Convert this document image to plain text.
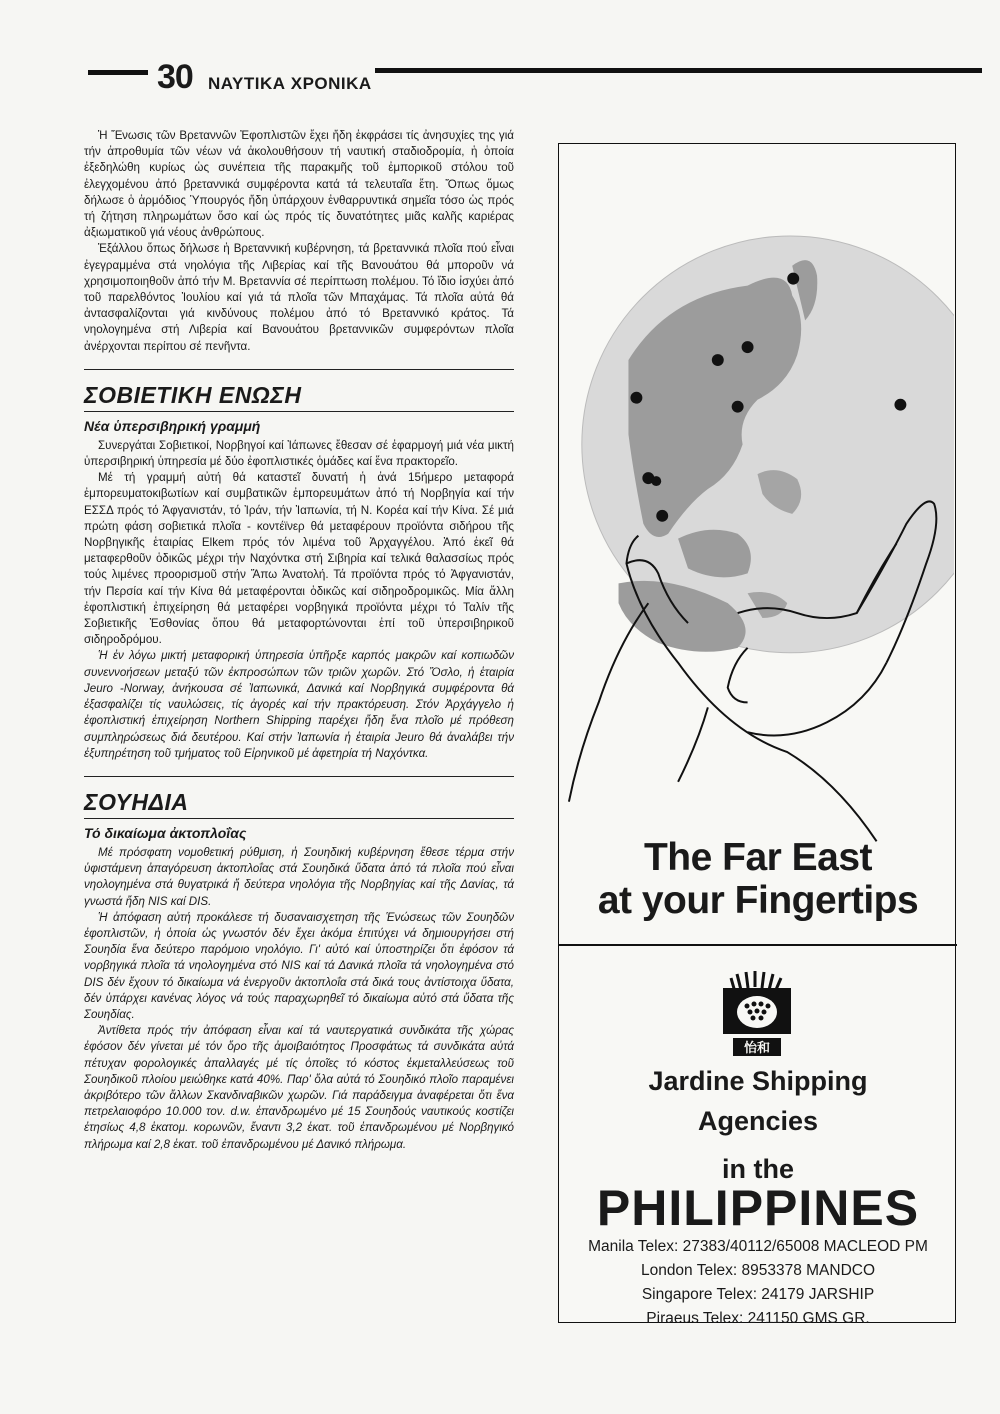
30 ΝΑΥΤΙΚΑ ΧΡΟΝΙΚΑ

Ἡ Ἕνωσις τῶν Βρεταννῶν Ἐφοπλιστῶν ἔχει ἤδη ἐκφράσει τίς ἀνησυχίες της γιά τήν ἀπροθυμία τῶν νέων νά ἀκολουθήσουν τή ναυτική σταδιοδρομία, ἡ ὁποία ἐξεδηλώθη κυρίως ὡς συνέπεια τῆς παρακμῆς τοῦ ἐμπορικοῦ στόλου τοῦ ἐλεγχομένου ἀπό βρεταννικά συμφέροντα κατά τά τελευταῖα ἔτη. Ὅπως ὅμως δήλωσε ὁ ἁρμόδιος Ὑπουργός ἤδη ὑπάρχουν ἐνθαρρυντικά σημεῖα τόσο ὡς πρός τή ζήτηση πληρωμάτων ὅσο καί ὡς πρός τίς δυνατότητες μιᾶς καλῆς καριέρας ἀξιωματικοῦ γιά νέους ἀνθρώπους.

Ἐξάλλου ὅπως δήλωσε ἡ Βρεταννική κυβέρνηση, τά βρεταννικά πλοῖα πού εἶναι ἐγεγραμμένα στά νηολόγια τῆς Λιβερίας καί τῆς Βανουάτου θά μποροῦν νά χρησιμοποιηθοῦν ἀπό τήν Μ. Βρεταννία σέ περίπτωση πολέμου. Τό ἴδιο ἰσχύει ἀπό τοῦ παρελθόντος Ἰουλίου καί γιά τά πλοῖα τῶν Μπαχάμας. Τά πλοῖα αὐτά θά ἀντασφαλίζονται γιά κινδύνους πολέμου ἀπό τό Βρεταννικό κράτος. Τά νηολογημένα στή Λιβερία καί Βανουάτου βρεταννικῶν συμφερόντων πλοῖα ἀνέρχονται περίπου σέ πενῆντα.

ΣΟΒΙΕΤΙΚΗ ΕΝΩΣΗ
Νέα ὑπερσιβηρική γραμμή

Συνεργάται Σοβιετικοί, Νορβηγοί καί Ἰάπωνες ἔθεσαν σέ ἐφαρμογή μιά νέα μικτή ὑπερσιβηρική ὑπηρεσία μέ δύο ἐφοπλιστικές ὁμάδες καί ἕνα πρακτορεῖο.

Μέ τή γραμμή αὐτή θά καταστεῖ δυνατή ἡ ἀνά 15ήμερο μεταφορά ἐμπορευματοκιβωτίων καί συμβατικῶν ἐμπορευμάτων ἀπό τή Νορβηγία καί τήν ΕΣΣΔ πρός τό Ἀφγανιστάν, τό Ἰράν, τήν Ἰαπωνία, τή Ν. Κορέα καί τήν Κίνα. Σέ μιά πρώτη φάση σοβιετικά πλοῖα - κοντέϊνερ θά μεταφέρουν προϊόντα σιδήρου τῆς Νορβηγικῆς ἑταιρίας Elkem πρός τόν λιμένα τοῦ Ἀρχαγγέλου. Ἀπό ἐκεῖ θά μεταφερθοῦν ὁδικῶς μέχρι τήν Ναχόντκα στή Σιβηρία καί τελικά θαλασσίως πρός τούς λιμένες προορισμοῦ στήν Ἄπω Ἀνατολή. Τά προϊόντα πρός τό Ἀφγανιστάν, τήν Περσία καί τήν Κίνα θά μεταφέρονται ὁδικῶς καί σιδηροδρομικῶς. Μία ἄλλη ἐφοπλιστική ἐπιχείρηση θά μεταφέρει νορβηγικά προϊόντα μέχρι τό Ταλίν τῆς Σοβιετικῆς Ἐσθονίας ὅπου θά μεταφορτώνονται ἐπί τοῦ ὑπερσιβηρικοῦ σιδηροδρόμου.

Ἡ ἐν λόγω μικτή μεταφορική ὑπηρεσία ὑπῆρξε καρπός μακρῶν καί κοπιωδῶν συνεννοήσεων μεταξύ τῶν ἐκπροσώπων τῶν τριῶν χωρῶν. Στό Ὄσλο, ἡ ἑταιρία Jeuro -Norway, ἀνήκουσα σέ Ἰαπωνικά, Δανικά καί Νορβηγικά συμφέροντα θά ἐξασφαλίζει τίς ναυλώσεις, τίς ἀγορές καί τήν πρακτόρευση. Στόν Ἀρχάγγελο ἡ ἐφοπλιστική ἐπιχείρηση Northern Shipping παρέχει ἤδη ἕνα πλοῖο μέ πρόθεση συμπληρώσεως διά δευτέρου. Καί στήν Ἰαπωνία ἡ ἑταιρία Jeuro θά ἀναλάβει τήν ἐξυπηρέτηση τοῦ τμήματος τοῦ Εἰρηνικοῦ μέ ἀφετηρία τή Ναχόντκα.

ΣΟΥΗΔΙΑ
Τό δικαίωμα ἀκτοπλοΐας

Μέ πρόσφατη νομοθετική ρύθμιση, ἡ Σουηδική κυβέρνηση ἔθεσε τέρμα στήν ὑφιστάμενη ἀπαγόρευση ἀκτοπλοΐας στά Σουηδικά ὕδατα ἀπό τά πλοῖα πού εἶναι νηολογημένα στά θυγατρικά ἤ δεύτερα νηολόγια τῆς Νορβηγίας καί τῆς Δανίας, τά γνωστά ἤδη NIS καί DIS.

Ἡ ἀπόφαση αὐτή προκάλεσε τή δυσαναισχετηση τῆς Ἑνώσεως τῶν Σουηδῶν ἐφοπλιστῶν, ἡ ὁποία ὡς γνωστόν δέν ἔχει ἀκόμα ἐπιτύχει νά δημιουργήσει στή Σουηδία ἕνα δεύτερο παρόμοιο νηολόγιο. Γι' αὐτό καί ὑποστηρίζει ὅτι ἐφόσον τά νορβηγικά πλοῖα τά νηολογημένα στό NIS καί τά Δανικά πλοῖα τά νηολογημένα στό DIS δέν ἔχουν τό δικαίωμα νά ἐνεργοῦν ἀκτοπλοΐα στά δικά τους ἀντίστοιχα ὕδατα, δέν ὑπάρχει κανένας λόγος νά τούς παραχωρηθεῖ τό δικαίωμα αὐτό στά ὕδατα τῆς Σουηδίας.

Ἀντίθετα πρός τήν ἀπόφαση εἶναι καί τά ναυτεργατικά συνδικάτα τῆς χώρας ἐφόσον δέν γίνεται μέ τόν ὅρο τῆς ἀμοιβαιότητος Προσφάτως τά συνδικάτα αὐτά πέτυχαν φορολογικές ἀπαλλαγές μέ τίς ὁποῖες τό κόστος ἐκμεταλλεύσεως τοῦ Σουηδικοῦ πλοίου μειώθηκε κατά 40%. Παρ' ὅλα αὐτά τό Σουηδικό πλοῖο παραμένει ἀκριβότερο τῶν ἄλλων Σκανδιναβικῶν χωρῶν. Γιά παράδειγμα ἀναφέρεται ὅτι ἕνα πετρελαιοφόρο 10.000 τον. d.w. ἐπανδρωμένο μέ 15 Σουηδούς ναυτικούς κοστίζει ἐτησίως 4,8 ἑκατομ. κορωνῶν, ἔναντι 3,2 ἑκατ. τοῦ ἐπανδρωμένου μέ Νορβηγικό πλήρωμα καί 2,8 ἑκατ. τοῦ ἐπανδρωμένου μέ Δανικό πλήρωμα.

The Far East
at your Fingertips
怡和
Jardine Shipping
Agencies
in the
PHILIPPINES
Manila Telex: 27383/40112/65008 MACLEOD PM
London Telex: 8953378 MANDCO
Singapore Telex: 24179 JARSHIP
Piraeus Telex: 241150 GMS GR.
